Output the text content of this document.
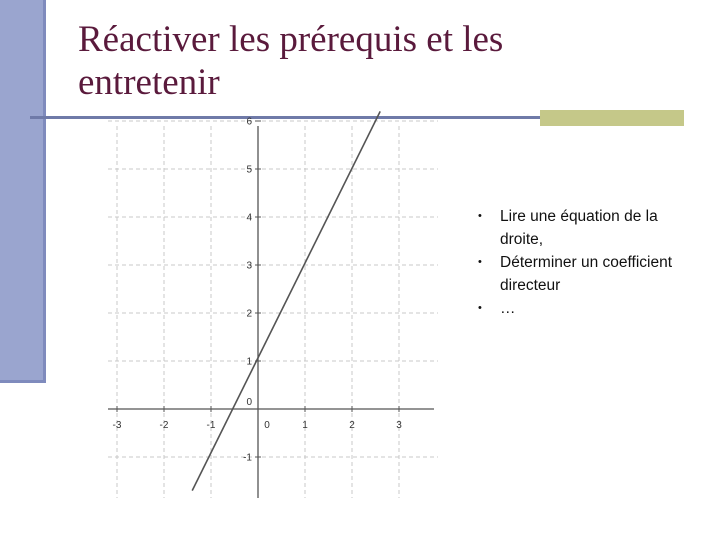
Réactiver les prérequis et les
entretenir
-3	-2	-1	0	1	2	3
-1
0
1
2
3
4
5
6
• Lire une équation de la droite,
• Déterminer un coefficient directeur
• …
